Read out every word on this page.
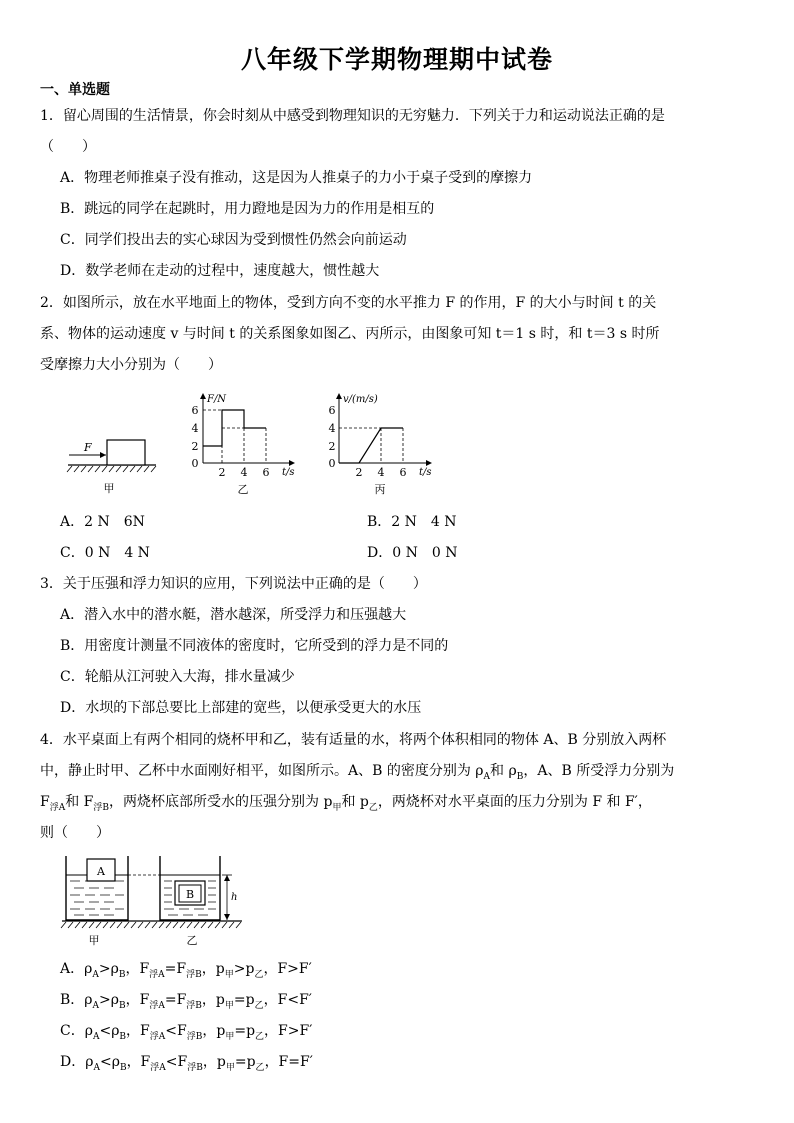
八年级下学期物理期中试卷
一、单选题
1．留心周围的生活情景，你会时刻从中感受到物理知识的无穷魅力．下列关于力和运动说法正确的是
（　　）
A．物理老师推桌子没有推动，这是因为人推桌子的力小于桌子受到的摩擦力
B．跳远的同学在起跳时，用力蹬地是因为力的作用是相互的
C．同学们投出去的实心球因为受到惯性仍然会向前运动
D．数学老师在走动的过程中，速度越大，惯性越大
2．如图所示，放在水平地面上的物体，受到方向不变的水平推力 F 的作用，F 的大小与时间 t 的关
系、物体的运动速度 v 与时间 t 的关系图象如图乙、丙所示，由图象可知 t＝1 s 时，和 t＝3 s 时所
受摩擦力大小分别为（　　）
F
甲
F/N
t/s
6
4
2
0
2 4 6
乙
v/(m/s)
t/s
6
4
2
0
2 4 6
丙
A．2 N　6N	B．2 N　4 N
C．0 N　4 N	D．0 N　0 N
3．关于压强和浮力知识的应用，下列说法中正确的是（　　）
A．潜入水中的潜水艇，潜水越深，所受浮力和压强越大
B．用密度计测量不同液体的密度时，它所受到的浮力是不同的
C．轮船从江河驶入大海，排水量减少
D．水坝的下部总要比上部建的宽些，以便承受更大的水压
4．水平桌面上有两个相同的烧杯甲和乙，装有适量的水，将两个体积相同的物体 A、B 分别放入两杯
中，静止时甲、乙杯中水面刚好相平，如图所示。A、B 的密度分别为 $\rho_A$和 $\rho_B$，A、B 所受浮力分别为
$F_{浮A}$和 $F_{浮B}$，两烧杯底部所受水的压强分别为 $p_甲$和 $p_乙$，两烧杯对水平桌面的压力分别为 F 和 F′，
则（　　）
A
B	h
甲	乙
A．$\rho_A>\rho_B$，$F_{浮A}=F_{浮B}$，$p_甲>p_乙$，F>F′
B．$\rho_A>\rho_B$，$F_{浮A}=F_{浮B}$，$p_甲=p_乙$，F<F′
C．$\rho_A<\rho_B$，$F_{浮A}<F_{浮B}$，$p_甲=p_乙$，F>F′
D．$\rho_A<\rho_B$，$F_{浮A}<F_{浮B}$，$p_甲=p_乙$，F=F′
